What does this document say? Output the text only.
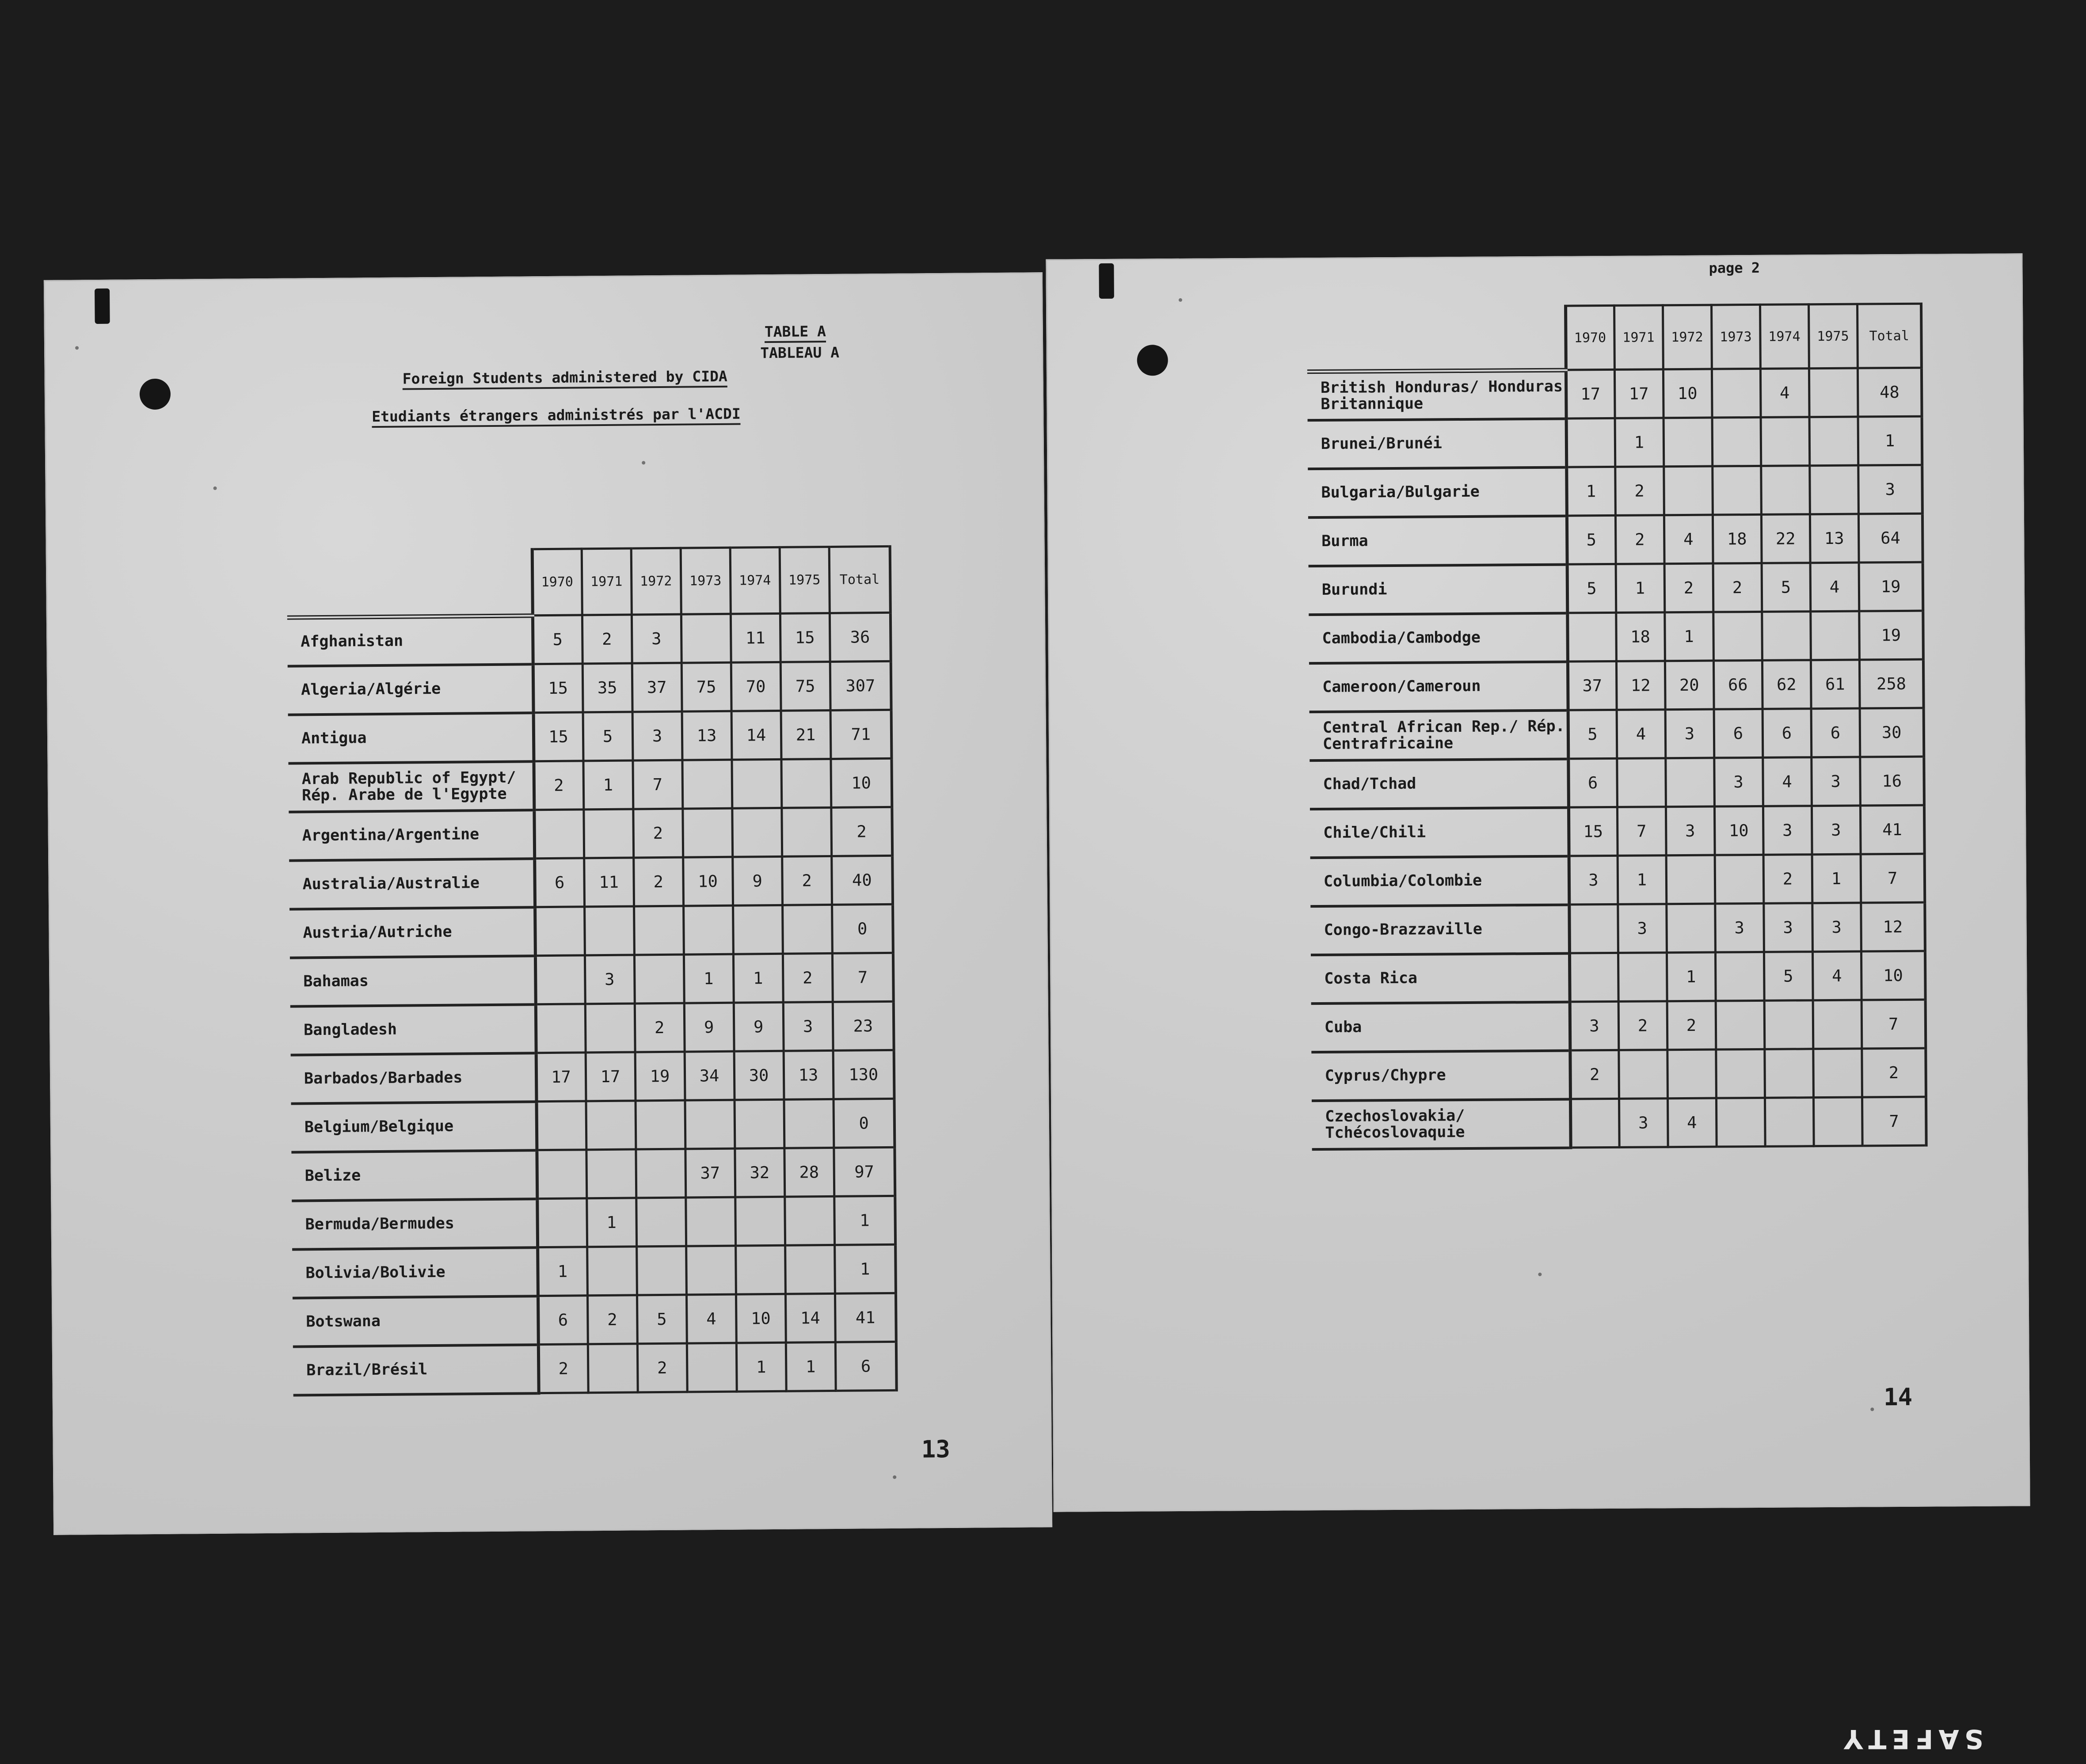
TABLE A
TABLEAU A
Foreign Students administered by CIDA
Etudiants étrangers administrés par l'ACDI
	1970	1971	1972	1973	1974	1975	Total
Afghanistan	5	2	3		11	15	36
Algeria/Algérie	15	35	37	75	70	75	307
Antigua	15	5	3	13	14	21	71
Arab Republic of Egypt/ Rép. Arabe de l'Egypte	2	1	7				10
Argentina/Argentine			2				2
Australia/Australie	6	11	2	10	9	2	40
Austria/Autriche							0
Bahamas		3		1	1	2	7
Bangladesh			2	9	9	3	23
Barbados/Barbades	17	17	19	34	30	13	130
Belgium/Belgique							0
Belize				37	32	28	97
Bermuda/Bermudes		1					1
Bolivia/Bolivie	1						1
Botswana	6	2	5	4	10	14	41
Brazil/Brésil	2		2		1	1	6
13
page 2
	1970	1971	1972	1973	1974	1975	Total
British Honduras/ Honduras Britannique	17	17	10		4		48
Brunei/Brunéi		1					1
Bulgaria/Bulgarie	1	2					3
Burma	5	2	4	18	22	13	64
Burundi	5	1	2	2	5	4	19
Cambodia/Cambodge		18	1				19
Cameroon/Cameroun	37	12	20	66	62	61	258
Central African Rep./ Rép. Centrafricaine	5	4	3	6	6	6	30
Chad/Tchad	6			3	4	3	16
Chile/Chili	15	7	3	10	3	3	41
Columbia/Colombie	3	1			2	1	7
Congo-Brazzaville		3		3	3	3	12
Costa Rica			1		5	4	10
Cuba	3	2	2				7
Cyprus/Chypre	2						2
Czechoslovakia/ Tchécoslovaquie		3	4				7
14
SAFETY
